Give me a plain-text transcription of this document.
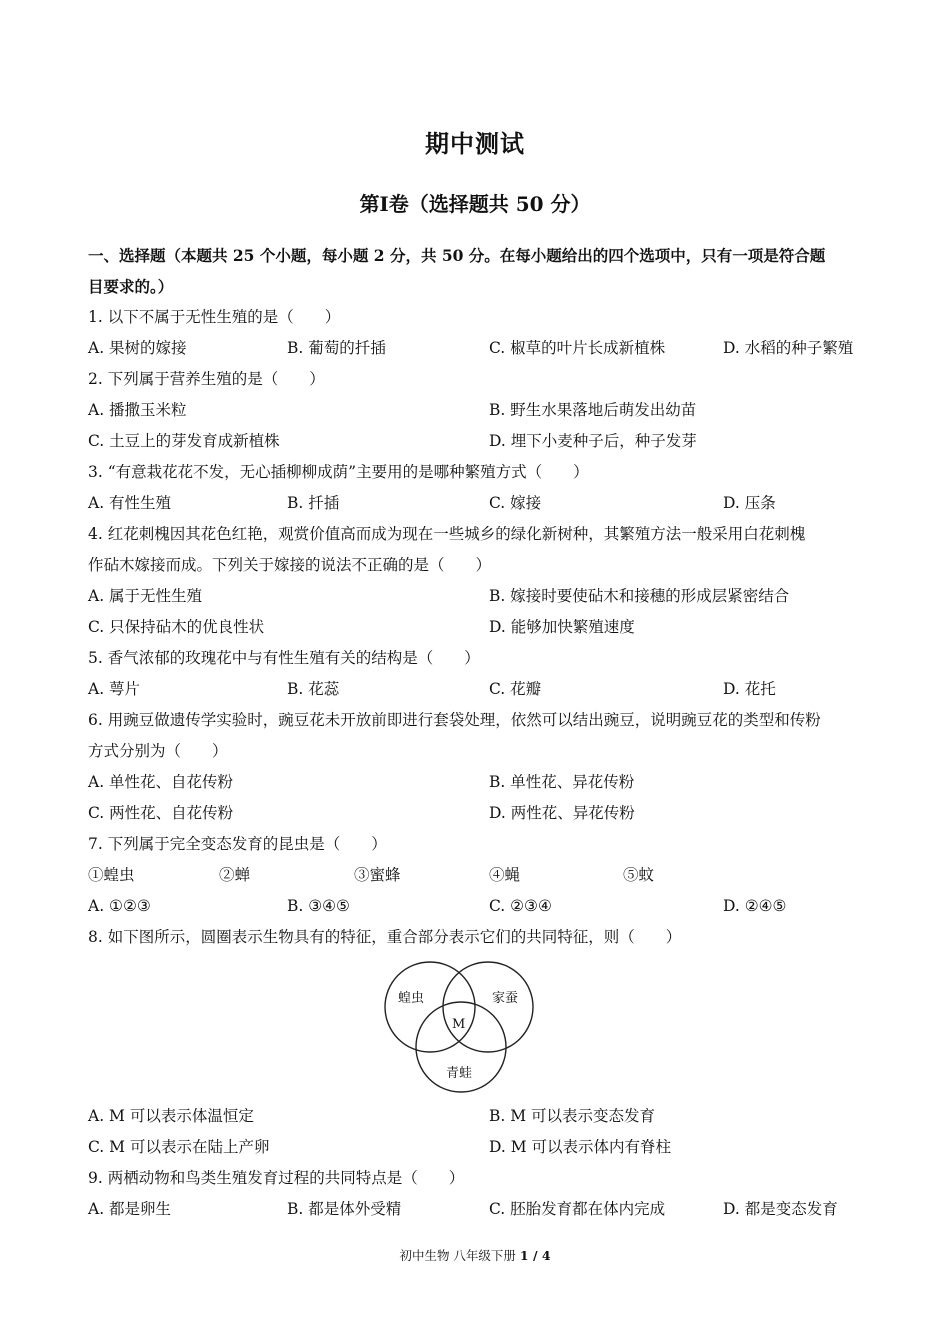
期中测试
第Ⅰ卷（选择题共 50 分）
一、选择题（本题共 25 个小题，每小题 2 分，共 50 分。在每小题给出的四个选项中，只有一项是符合题
目要求的。）
1. 以下不属于无性生殖的是（　　）
A. 果树的嫁接	B. 葡萄的扦插	C. 椒草的叶片长成新植株	D. 水稻的种子繁殖
2. 下列属于营养生殖的是（　　）
A. 播撒玉米粒	B. 野生水果落地后萌发出幼苗
C. 土豆上的芽发育成新植株	D. 埋下小麦种子后，种子发芽
3. “有意栽花花不发，无心插柳柳成荫”主要用的是哪种繁殖方式（　　）
A. 有性生殖	B. 扦插	C. 嫁接	D. 压条
4. 红花刺槐因其花色红艳，观赏价值高而成为现在一些城乡的绿化新树种，其繁殖方法一般采用白花刺槐
作砧木嫁接而成。下列关于嫁接的说法不正确的是（　　）
A. 属于无性生殖	B. 嫁接时要使砧木和接穗的形成层紧密结合
C. 只保持砧木的优良性状	D. 能够加快繁殖速度
5. 香气浓郁的玫瑰花中与有性生殖有关的结构是（　　）
A. 萼片	B. 花蕊	C. 花瓣	D. 花托
6. 用豌豆做遗传学实验时，豌豆花未开放前即进行套袋处理，依然可以结出豌豆，说明豌豆花的类型和传粉
方式分别为（　　）
A. 单性花、自花传粉	B. 单性花、异花传粉
C. 两性花、自花传粉	D. 两性花、异花传粉
7. 下列属于完全变态发育的昆虫是（　　）
①蝗虫	②蝉	③蜜蜂	④蝇	⑤蚊
A. ①②③	B. ③④⑤	C. ②③④	D. ②④⑤
8. 如下图所示，圆圈表示生物具有的特征，重合部分表示它们的共同特征，则（　　）
蝗虫	家蚕
青蛙
M
A. M 可以表示体温恒定	B. M 可以表示变态发育
C. M 可以表示在陆上产卵	D. M 可以表示体内有脊柱
9. 两栖动物和鸟类生殖发育过程的共同特点是（　　）
A. 都是卵生	B. 都是体外受精	C. 胚胎发育都在体内完成	D. 都是变态发育
初中生物 八年级下册 1 / 4
